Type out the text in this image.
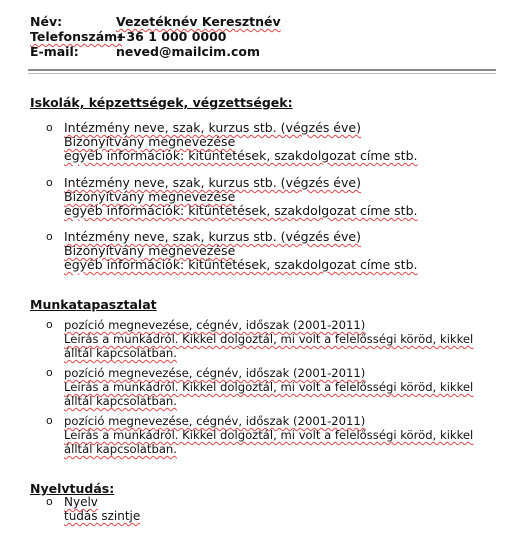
Név:	Vezetéknév Keresztnév
Telefonszám:
+36 1 000 0000
E-mail:	neved@mailcim.com
Iskolák, képzettségek, végzettségek:
o Intézmény neve, szak, kurzus stb. (végzés éve)
Bizonyítvány megnevezése
egyéb információk: kitüntetések, szakdolgozat címe stb.
o Intézmény neve, szak, kurzus stb. (végzés éve)
Bizonyítvány megnevezése
egyéb információk: kitüntetések, szakdolgozat címe stb.
o Intézmény neve, szak, kurzus stb. (végzés éve)
Bizonyítvány megnevezése
egyéb információk: kitüntetések, szakdolgozat címe stb.
Munkatapasztalat
o pozíció megnevezése, cégnév, időszak (2001-2011)
Leírás a munkádról. Kikkel dolgoztál, mi volt a felelősségi köröd, kikkel
álltál kapcsolatban.
o pozíció megnevezése, cégnév, időszak (2001-2011)
Leírás a munkádról. Kikkel dolgoztál, mi volt a felelősségi köröd, kikkel
álltál kapcsolatban.
o pozíció megnevezése, cégnév, időszak (2001-2011)
Leírás a munkádról. Kikkel dolgoztál, mi volt a felelősségi köröd, kikkel
álltál kapcsolatban.
Nyelvtudás:
o Nyelv
tudás szintje
